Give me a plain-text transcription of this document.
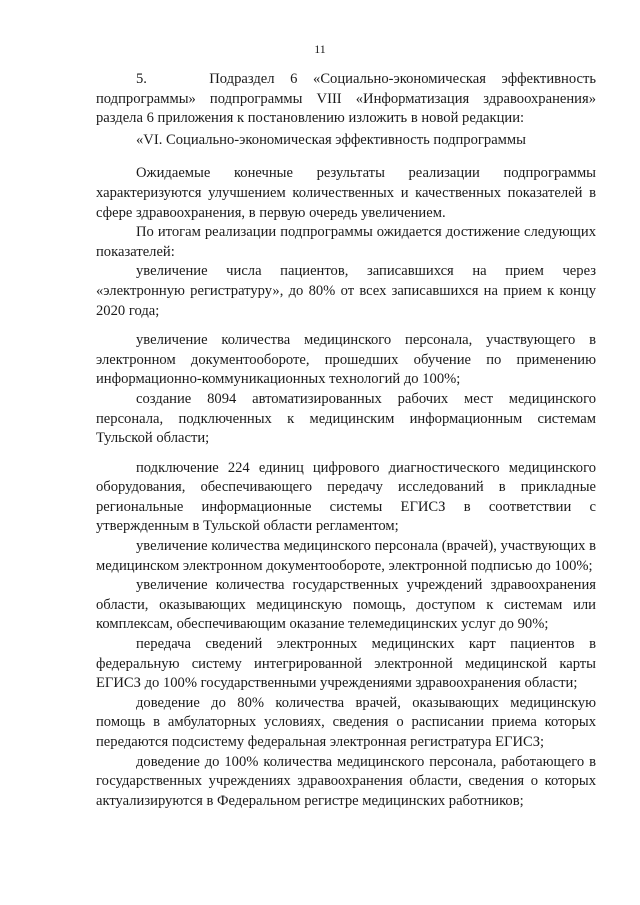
11

5.    Подраздел 6 «Социально-экономическая эффективность подпрограммы» подпрограммы VIII «Информатизация здравоохранения» раздела 6 приложения к постановлению изложить в новой редакции:

«VI. Социально-экономическая эффективность подпрограммы

Ожидаемые конечные результаты реализации подпрограммы характеризуются улучшением количественных и качественных показателей в сфере здравоохранения, в первую очередь увеличением.

По итогам реализации подпрограммы ожидается достижение следующих показателей:

увеличение числа пациентов, записавшихся на прием через «электронную регистратуру», до 80% от всех записавшихся на прием к концу 2020 года;

увеличение количества медицинского персонала, участвующего в электронном документообороте, прошедших обучение по применению информационно-коммуникационных технологий до 100%;

создание 8094 автоматизированных рабочих мест медицинского персонала, подключенных к медицинским информационным системам Тульской области;

подключение 224 единиц цифрового диагностического медицинского оборудования, обеспечивающего передачу исследований в прикладные региональные информационные системы ЕГИСЗ в соответствии с утвержденным в Тульской области регламентом;

увеличение количества медицинского персонала (врачей), участвующих в медицинском электронном документообороте, электронной подписью до 100%;

увеличение количества государственных учреждений здравоохранения области, оказывающих медицинскую помощь, доступом к системам или комплексам, обеспечивающим оказание телемедицинских услуг до 90%;

передача сведений электронных медицинских карт пациентов в федеральную систему интегрированной электронной медицинской карты ЕГИСЗ до 100% государственными учреждениями здравоохранения области;

доведение до 80% количества врачей, оказывающих медицинскую помощь в амбулаторных условиях, сведения о расписании приема которых передаются подсистему федеральная электронная регистратура ЕГИСЗ;

доведение до 100% количества медицинского персонала, работающего в государственных учреждениях здравоохранения области, сведения о которых актуализируются в Федеральном регистре медицинских работников;
